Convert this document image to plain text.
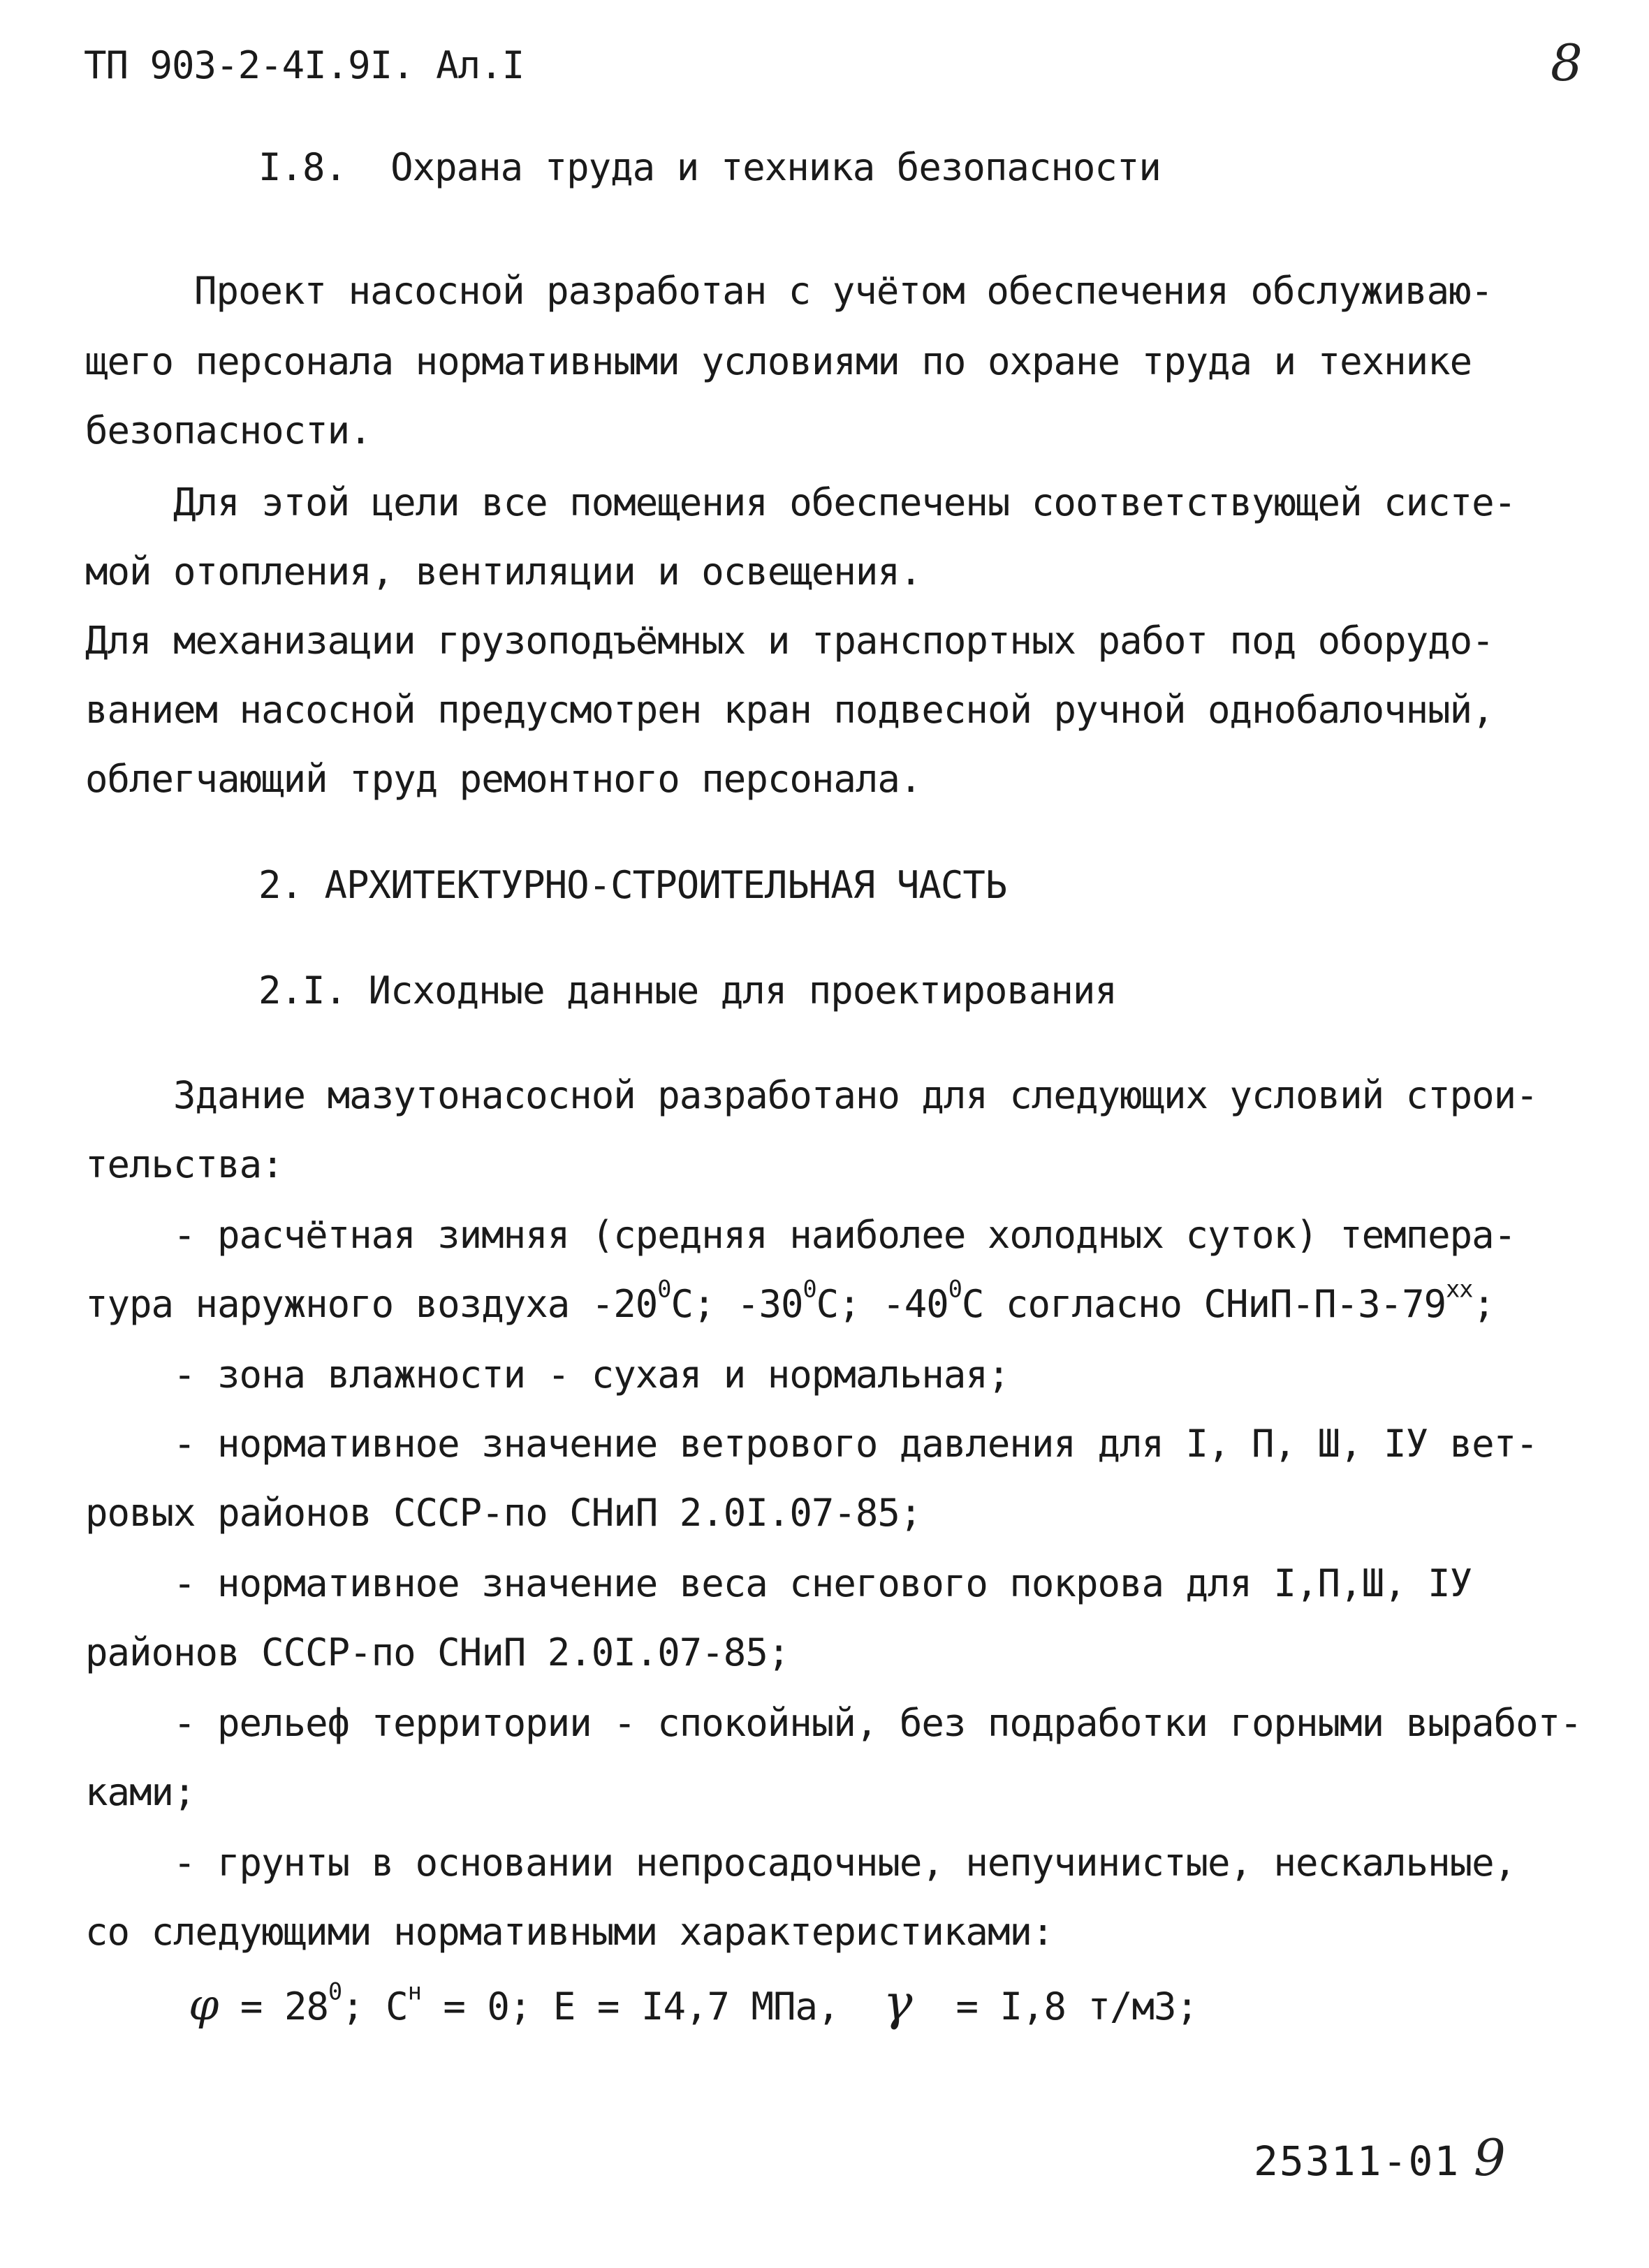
ТП 903-2-4I.9I. Ал.I	8
I.8.  Охрана труда и техника безопасности
Проект насосной разработан с учётом обеспечения обслуживаю-
щего персонала нормативными условиями по охране труда и технике
безопасности.
Для этой цели все помещения обеспечены соответствующей систе-
мой отопления, вентиляции и освещения.
Для механизации грузоподъёмных и транспортных работ под оборудо-
ванием насосной предусмотрен кран подвесной ручной однобалочный,
облегчающий труд ремонтного персонала.
2. АРХИТЕКТУРНО-СТРОИТЕЛЬНАЯ ЧАСТЬ
2.I. Исходные данные для проектирования
Здание мазутонасосной разработано для следующих условий строи-
тельства:
- расчётная зимняя (средняя наиболее холодных суток) темпера-
тура наружного воздуха $-20^0С$; $-30^0С$; $-40^0С$ согласно СНиП-П-3-79$^{xx}$;
- зона влажности - сухая и нормальная;
- нормативное значение ветрового давления для I, П, Ш, IУ вет-
ровых районов СССР-по СНиП 2.0I.07-85;
- нормативное значение веса снегового покрова для I,П,Ш, IУ
районов СССР-по СНиП 2.0I.07-85;
- рельеф территории - спокойный, без подработки горными выработ-
ками;
- грунты в основании непросадочные, непучинистые, нескальные,
со следующими нормативными характеристиками:
$\varphi = 28^0$; $С^н = 0$; Е = I4,7 МПа,  γ  = I,8 т/м3;
25311-01 9
